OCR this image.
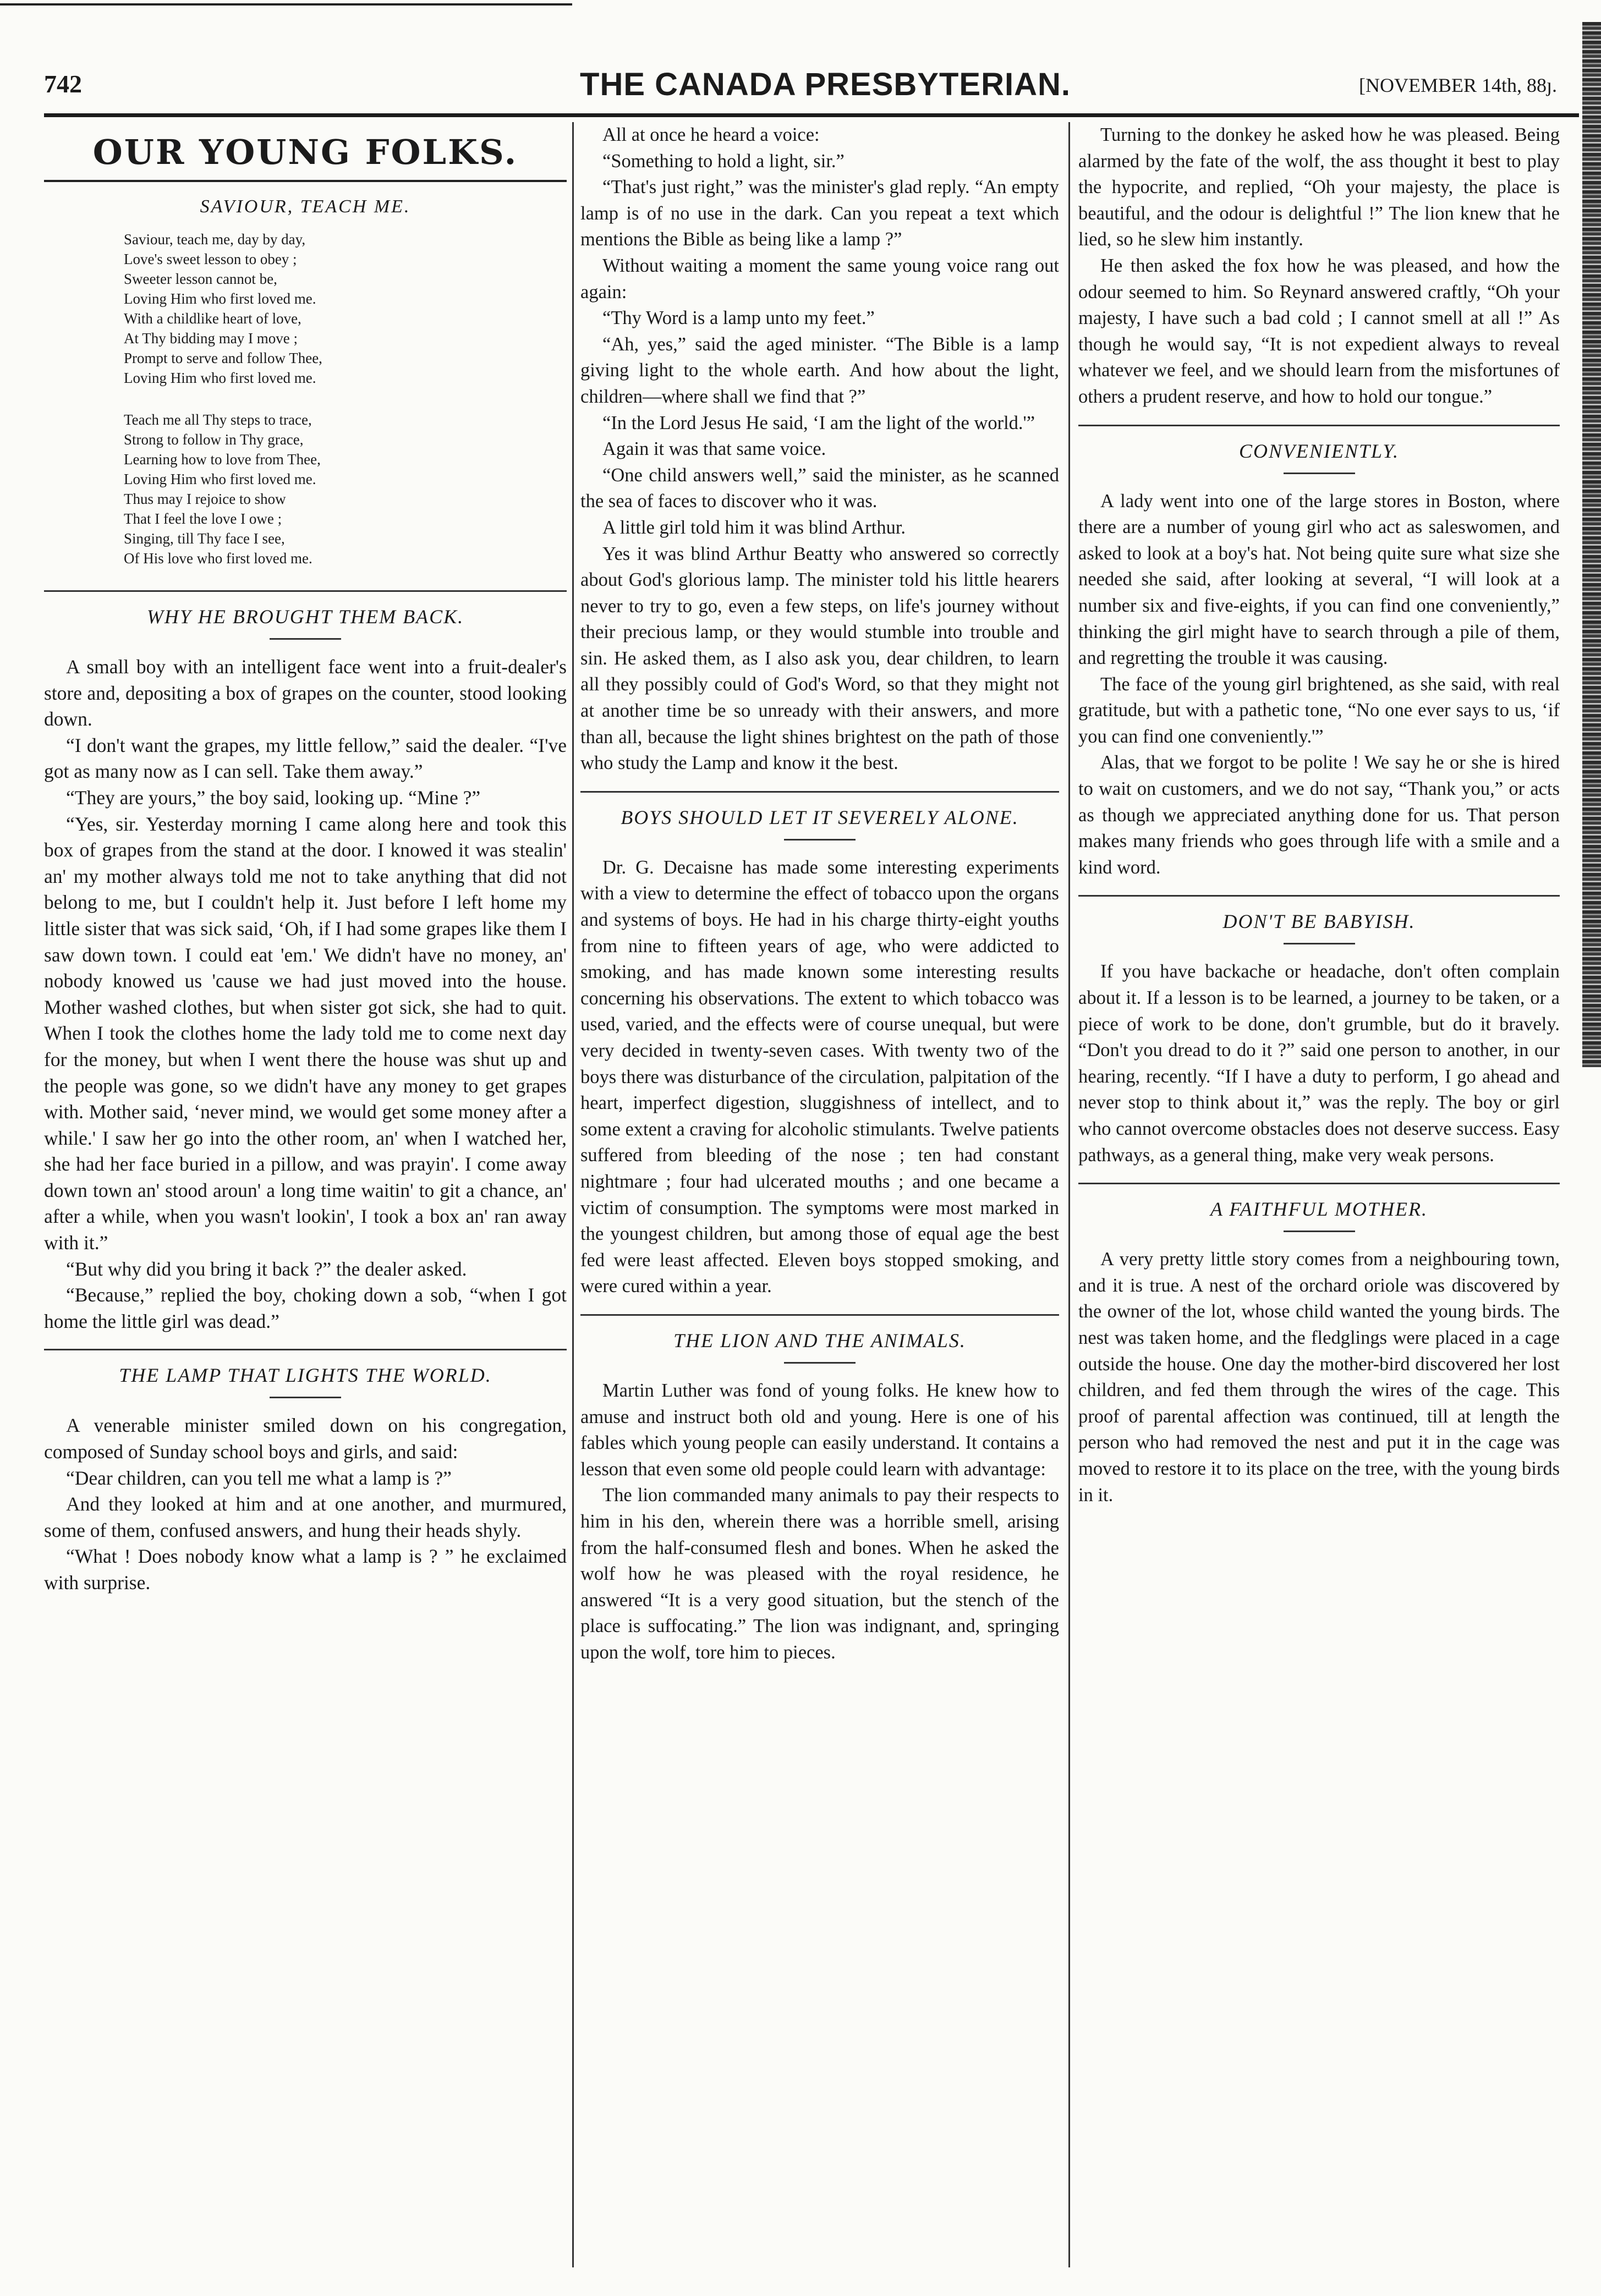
742	THE CANADA PRESBYTERIAN.	[NOVEMBER 14th, 88ȷ.
OUR YOUNG FOLKS.
SAVIOUR, TEACH ME.
Saviour, teach me, day by day,
Love's sweet lesson to obey ;
Sweeter lesson cannot be,
Loving Him who first loved me.
With a childlike heart of love,
At Thy bidding may I move ;
Prompt to serve and follow Thee,
Loving Him who first loved me.
Teach me all Thy steps to trace,
Strong to follow in Thy grace,
Learning how to love from Thee,
Loving Him who first loved me.
Thus may I rejoice to show
That I feel the love I owe ;
Singing, till Thy face I see,
Of His love who first loved me.
WHY HE BROUGHT THEM BACK.

A small boy with an intelligent face went into a fruit-dealer's store and, depositing a box of grapes on the counter, stood looking down.

“I don't want the grapes, my little fellow,” said the dealer. “I've got as many now as I can sell. Take them away.”

“They are yours,” the boy said, looking up. “Mine ?”

“Yes, sir. Yesterday morning I came along here and took this box of grapes from the stand at the door. I knowed it was stealin' an' my mother always told me not to take anything that did not belong to me, but I couldn't help it. Just before I left home my little sister that was sick said, ‘Oh, if I had some grapes like them I saw down town. I could eat 'em.' We didn't have no money, an' nobody knowed us 'cause we had just moved into the house. Mother washed clothes, but when sister got sick, she had to quit. When I took the clothes home the lady told me to come next day for the money, but when I went there the house was shut up and the people was gone, so we didn't have any money to get grapes with. Mother said, ‘never mind, we would get some money after a while.' I saw her go into the other room, an' when I watched her, she had her face buried in a pillow, and was prayin'. I come away down town an' stood aroun' a long time waitin' to git a chance, an' after a while, when you wasn't lookin', I took a box an' ran away with it.”

“But why did you bring it back ?” the dealer asked.

“Because,” replied the boy, choking down a sob, “when I got home the little girl was dead.”

THE LAMP THAT LIGHTS THE WORLD.

A venerable minister smiled down on his congregation, composed of Sunday school boys and girls, and said:

“Dear children, can you tell me what a lamp is ?”

And they looked at him and at one another, and murmured, some of them, confused answers, and hung their heads shyly.

“What ! Does nobody know what a lamp is ? ” he exclaimed with surprise.

All at once he heard a voice:

“Something to hold a light, sir.”

“That's just right,” was the minister's glad reply. “An empty lamp is of no use in the dark. Can you repeat a text which mentions the Bible as being like a lamp ?”

Without waiting a moment the same young voice rang out again:

“Thy Word is a lamp unto my feet.”

“Ah, yes,” said the aged minister. “The Bible is a lamp giving light to the whole earth. And how about the light, children—where shall we find that ?”

“In the Lord Jesus He said, ‘I am the light of the world.'”

Again it was that same voice.

“One child answers well,” said the minister, as he scanned the sea of faces to discover who it was.

A little girl told him it was blind Arthur.

Yes it was blind Arthur Beatty who answered so correctly about God's glorious lamp. The minister told his little hearers never to try to go, even a few steps, on life's journey without their precious lamp, or they would stumble into trouble and sin. He asked them, as I also ask you, dear children, to learn all they possibly could of God's Word, so that they might not at another time be so unready with their answers, and more than all, because the light shines brightest on the path of those who study the Lamp and know it the best.

BOYS SHOULD LET IT SEVERELY ALONE.

Dr. G. Decaisne has made some interesting experiments with a view to determine the effect of tobacco upon the organs and systems of boys. He had in his charge thirty-eight youths from nine to fifteen years of age, who were addicted to smoking, and has made known some interesting results concerning his observations. The extent to which tobacco was used, varied, and the effects were of course unequal, but were very decided in twenty-seven cases. With twenty two of the boys there was disturbance of the circulation, palpitation of the heart, imperfect digestion, sluggishness of intellect, and to some extent a craving for alcoholic stimulants. Twelve patients suffered from bleeding of the nose ; ten had constant nightmare ; four had ulcerated mouths ; and one became a victim of consumption. The symptoms were most marked in the youngest children, but among those of equal age the best fed were least affected. Eleven boys stopped smoking, and were cured within a year.

THE LION AND THE ANIMALS.

Martin Luther was fond of young folks. He knew how to amuse and instruct both old and young. Here is one of his fables which young people can easily understand. It contains a lesson that even some old people could learn with advantage:

The lion commanded many animals to pay their respects to him in his den, wherein there was a horrible smell, arising from the half-consumed flesh and bones. When he asked the wolf how he was pleased with the royal residence, he answered “It is a very good situation, but the stench of the place is suffocating.” The lion was indignant, and, springing upon the wolf, tore him to pieces.

Turning to the donkey he asked how he was pleased. Being alarmed by the fate of the wolf, the ass thought it best to play the hypocrite, and replied, “Oh your majesty, the place is beautiful, and the odour is delightful !” The lion knew that he lied, so he slew him instantly.

He then asked the fox how he was pleased, and how the odour seemed to him. So Reynard answered craftly, “Oh your majesty, I have such a bad cold ; I cannot smell at all !” As though he would say, “It is not expedient always to reveal whatever we feel, and we should learn from the misfortunes of others a prudent reserve, and how to hold our tongue.”

CONVENIENTLY.

A lady went into one of the large stores in Boston, where there are a number of young girl who act as saleswomen, and asked to look at a boy's hat. Not being quite sure what size she needed she said, after looking at several, “I will look at a number six and five-eights, if you can find one conveniently,” thinking the girl might have to search through a pile of them, and regretting the trouble it was causing.

The face of the young girl brightened, as she said, with real gratitude, but with a pathetic tone, “No one ever says to us, ‘if you can find one conveniently.'”

Alas, that we forgot to be polite ! We say he or she is hired to wait on customers, and we do not say, “Thank you,” or acts as though we appreciated anything done for us. That person makes many friends who goes through life with a smile and a kind word.

DON'T BE BABYISH.

If you have backache or headache, don't often complain about it. If a lesson is to be learned, a journey to be taken, or a piece of work to be done, don't grumble, but do it bravely. “Don't you dread to do it ?” said one person to another, in our hearing, recently. “If I have a duty to perform, I go ahead and never stop to think about it,” was the reply. The boy or girl who cannot overcome obstacles does not deserve success. Easy pathways, as a general thing, make very weak persons.

A FAITHFUL MOTHER.

A very pretty little story comes from a neighbouring town, and it is true. A nest of the orchard oriole was discovered by the owner of the lot, whose child wanted the young birds. The nest was taken home, and the fledglings were placed in a cage outside the house. One day the mother-bird discovered her lost children, and fed them through the wires of the cage. This proof of parental affection was continued, till at length the person who had removed the nest and put it in the cage was moved to restore it to its place on the tree, with the young birds in it.
